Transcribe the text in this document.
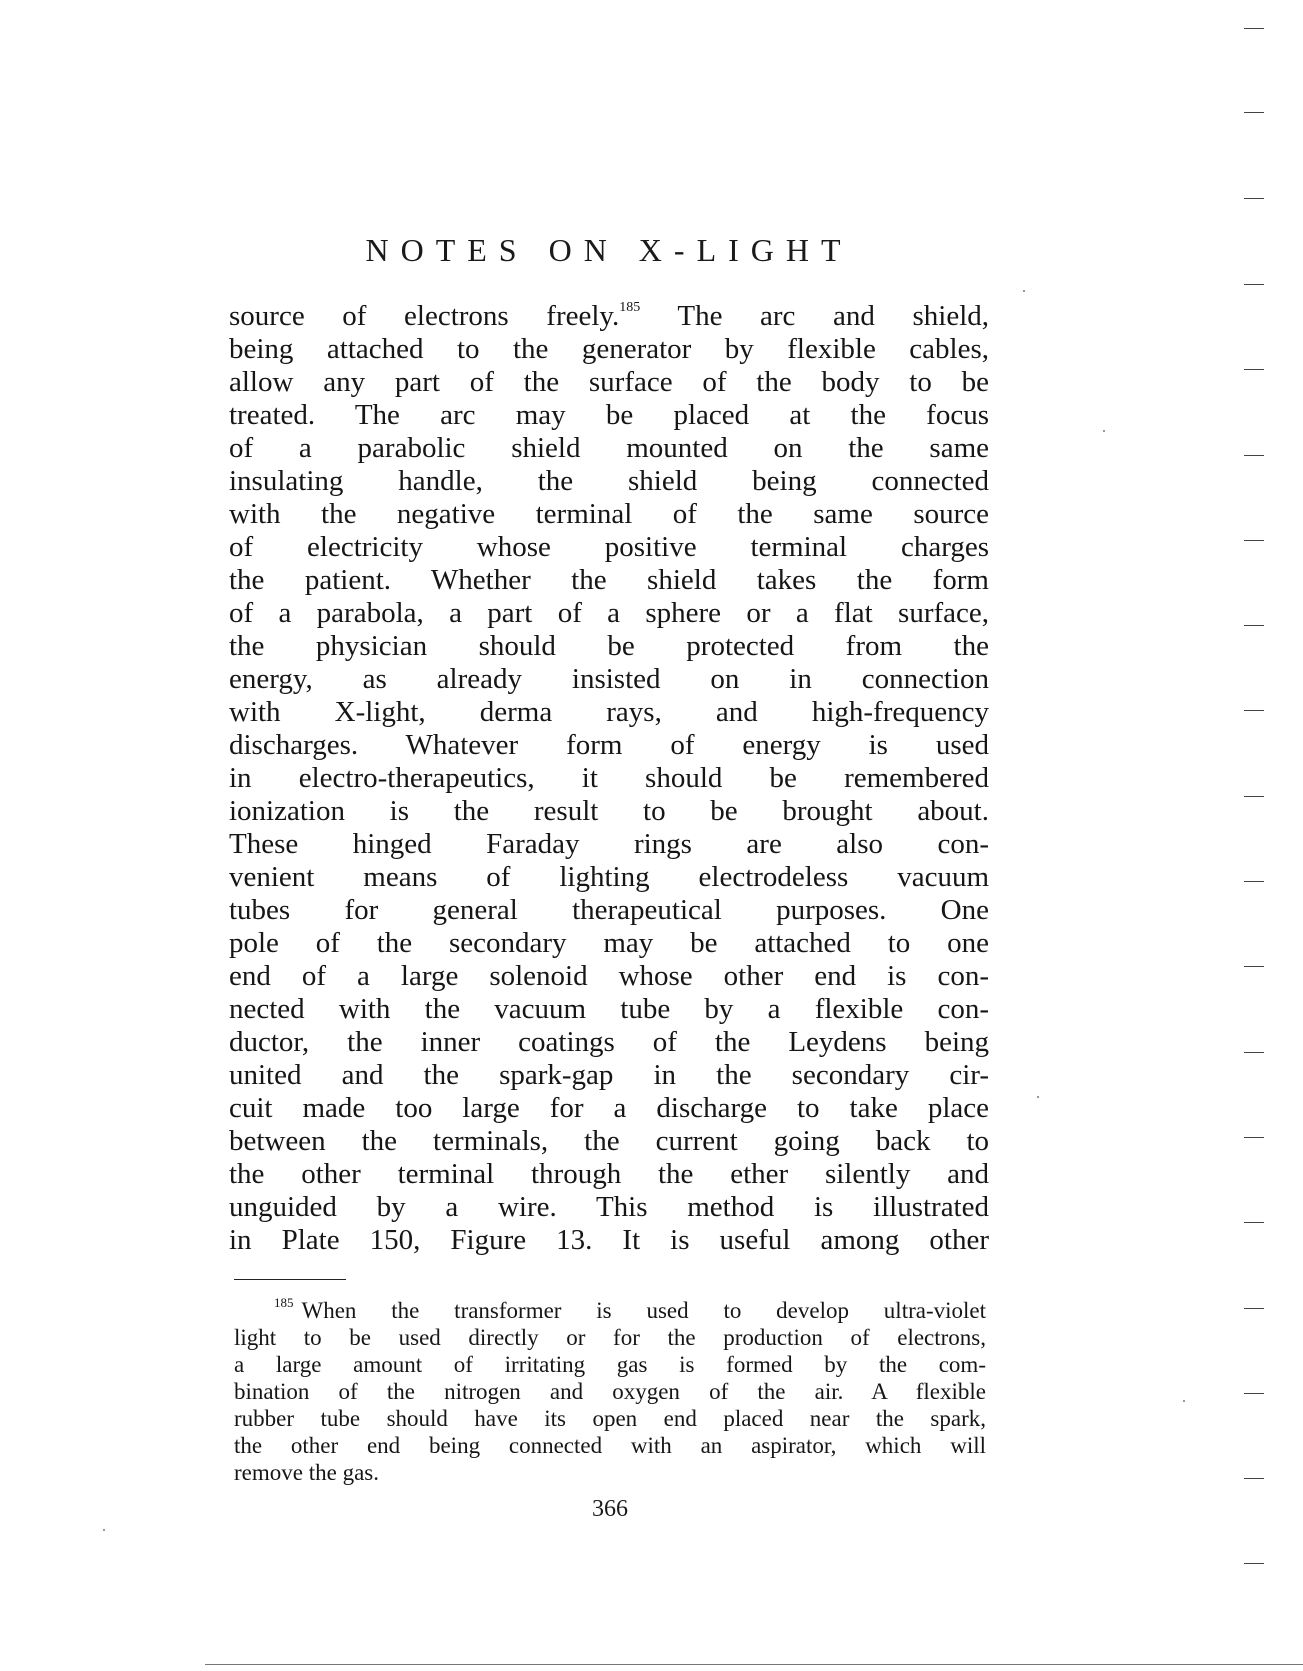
NOTES ON X-LIGHT
source of electrons freely.$^{185}$ The arc and shield,
being attached to the generator by flexible cables,
allow any part of the surface of the body to be
treated. The arc may be placed at the focus
of a parabolic shield mounted on the same
insulating handle, the shield being connected
with the negative terminal of the same source
of electricity whose positive terminal charges
the patient. Whether the shield takes the form
of a parabola, a part of a sphere or a flat surface,
the physician should be protected from the
energy, as already insisted on in connection
with X-light, derma rays, and high-frequency
discharges. Whatever form of energy is used
in electro-therapeutics, it should be remembered
ionization is the result to be brought about.
These hinged Faraday rings are also con-
venient means of lighting electrodeless vacuum
tubes for general therapeutical purposes. One
pole of the secondary may be attached to one
end of a large solenoid whose other end is con-
nected with the vacuum tube by a flexible con-
ductor, the inner coatings of the Leydens being
united and the spark-gap in the secondary cir-
cuit made too large for a discharge to take place
between the terminals, the current going back to
the other terminal through the ether silently and
unguided by a wire. This method is illustrated
in Plate 150, Figure 13. It is useful among other
$^{185}$ When the transformer is used to develop ultra-violet
light to be used directly or for the production of electrons,
a large amount of irritating gas is formed by the com-
bination of the nitrogen and oxygen of the air. A flexible
rubber tube should have its open end placed near the spark,
the other end being connected with an aspirator, which will
remove the gas.
366
